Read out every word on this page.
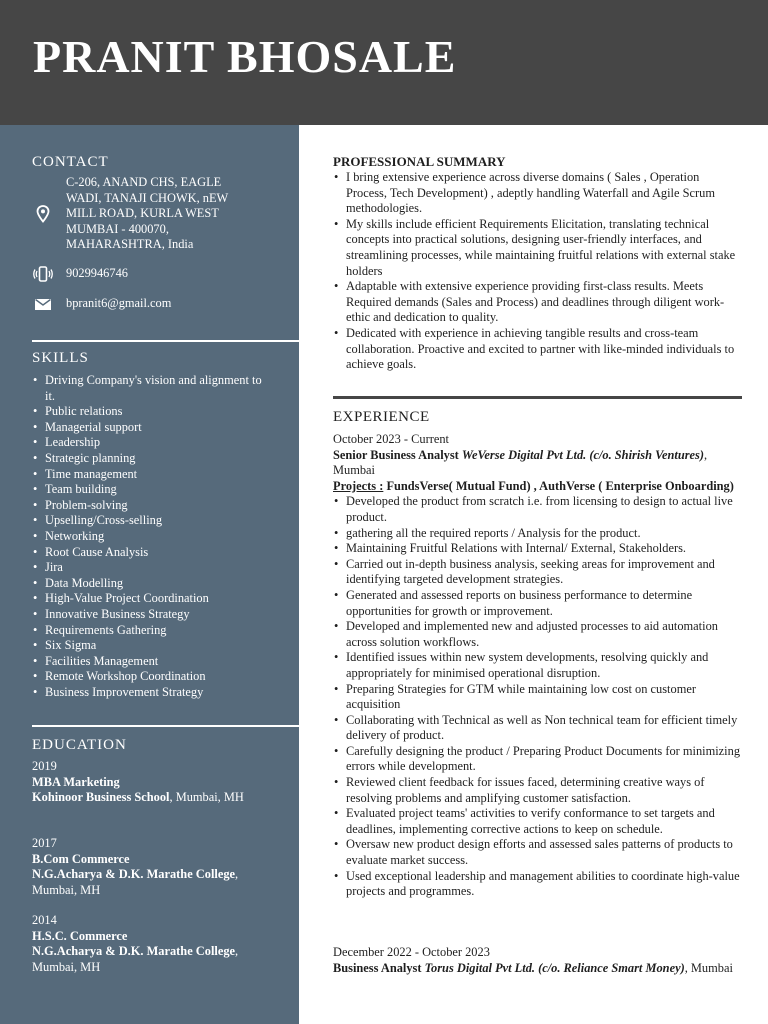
PRANIT BHOSALE
CONTACT
C-206, ANAND CHS, EAGLE WADI, TANAJI CHOWK, nEW MILL ROAD, KURLA WEST MUMBAI - 400070, MAHARASHTRA, India
9029946746
bpranit6@gmail.com
SKILLS
• Driving Company's vision and alignment to it.
• Public relations
• Managerial support
• Leadership
• Strategic planning
• Time management
• Team building
• Problem-solving
• Upselling/Cross-selling
• Networking
• Root Cause Analysis
• Jira
• Data Modelling
• High-Value Project Coordination
• Innovative Business Strategy
• Requirements Gathering
• Six Sigma
• Facilities Management
• Remote Workshop Coordination
• Business Improvement Strategy
EDUCATION
2019
MBA Marketing
Kohinoor Business School, Mumbai, MH
2017
B.Com Commerce
N.G.Acharya & D.K. Marathe College, Mumbai, MH
2014
H.S.C. Commerce
N.G.Acharya & D.K. Marathe College, Mumbai, MH
PROFESSIONAL SUMMARY
• I bring extensive experience across diverse domains ( Sales , Operation Process, Tech Development) , adeptly handling Waterfall and Agile Scrum methodologies.
• My skills include efficient Requirements Elicitation, translating technical concepts into practical solutions, designing user-friendly interfaces, and streamlining processes, while maintaining fruitful relations with external stake holders
• Adaptable with extensive experience providing first-class results. Meets Required demands (Sales and Process) and deadlines through diligent work-ethic and dedication to quality.
• Dedicated with experience in achieving tangible results and cross-team collaboration. Proactive and excited to partner with like-minded individuals to achieve goals.
EXPERIENCE
October 2023 - Current
Senior Business Analyst WeVerse Digital Pvt Ltd. (c/o. Shirish Ventures), Mumbai
Projects : FundsVerse( Mutual Fund) , AuthVerse ( Enterprise Onboarding)
• Developed the product from scratch i.e. from licensing to design to actual live product.
• gathering all the required reports / Analysis for the product.
• Maintaining Fruitful Relations with Internal/ External, Stakeholders.
• Carried out in-depth business analysis, seeking areas for improvement and identifying targeted development strategies.
• Generated and assessed reports on business performance to determine opportunities for growth or improvement.
• Developed and implemented new and adjusted processes to aid automation across solution workflows.
• Identified issues within new system developments, resolving quickly and appropriately for minimised operational disruption.
• Preparing Strategies for GTM while maintaining low cost on customer acquisition
• Collaborating with Technical as well as Non technical team for efficient timely delivery of product.
• Carefully designing the product / Preparing Product Documents for minimizing errors while development.
• Reviewed client feedback for issues faced, determining creative ways of resolving problems and amplifying customer satisfaction.
• Evaluated project teams' activities to verify conformance to set targets and deadlines, implementing corrective actions to keep on schedule.
• Oversaw new product design efforts and assessed sales patterns of products to evaluate market success.
• Used exceptional leadership and management abilities to coordinate high-value projects and programmes.
December 2022 - October 2023
Business Analyst Torus Digital Pvt Ltd. (c/o. Reliance Smart Money), Mumbai
